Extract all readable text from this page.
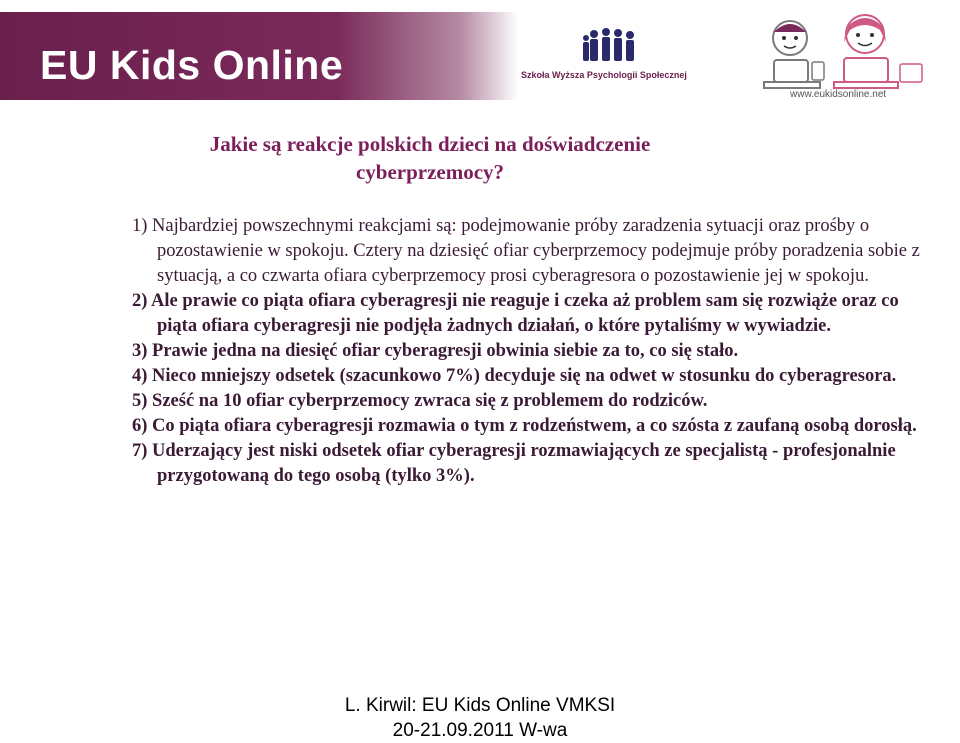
EU Kids Online	Szkoła Wyższa Psychologii Społecznej
www.eukidsonline.net
Jakie są reakcje polskich dzieci na doświadczenie
cyberprzemocy?
1) Najbardziej powszechnymi reakcjami są: podejmowanie próby zaradzenia sytuacji oraz prośby o pozostawienie w spokoju. Cztery na dziesięć ofiar cyberprzemocy podejmuje próby poradzenia sobie z sytuacją, a co czwarta ofiara cyberprzemocy prosi cyberagresora o pozostawienie jej w spokoju.
2) Ale prawie co piąta ofiara cyberagresji nie reaguje i czeka aż problem sam się rozwiąże oraz co piąta ofiara cyberagresji nie podjęła żadnych działań, o które pytaliśmy w wywiadzie.
3) Prawie jedna na diesięć ofiar cyberagresji obwinia siebie za to, co się stało.
4) Nieco mniejszy odsetek (szacunkowo 7%) decyduje się na odwet w stosunku do cyberagresora.
5) Sześć na 10 ofiar cyberprzemocy zwraca się z problemem do rodziców.
6) Co piąta ofiara cyberagresji rozmawia o tym z rodzeństwem, a co szósta z zaufaną osobą dorosłą.
7) Uderzający jest niski odsetek ofiar cyberagresji rozmawiających ze specjalistą - profesjonalnie przygotowaną do tego osobą (tylko 3%).
L. Kirwil: EU Kids Online VMKSI
20-21.09.2011 W-wa
